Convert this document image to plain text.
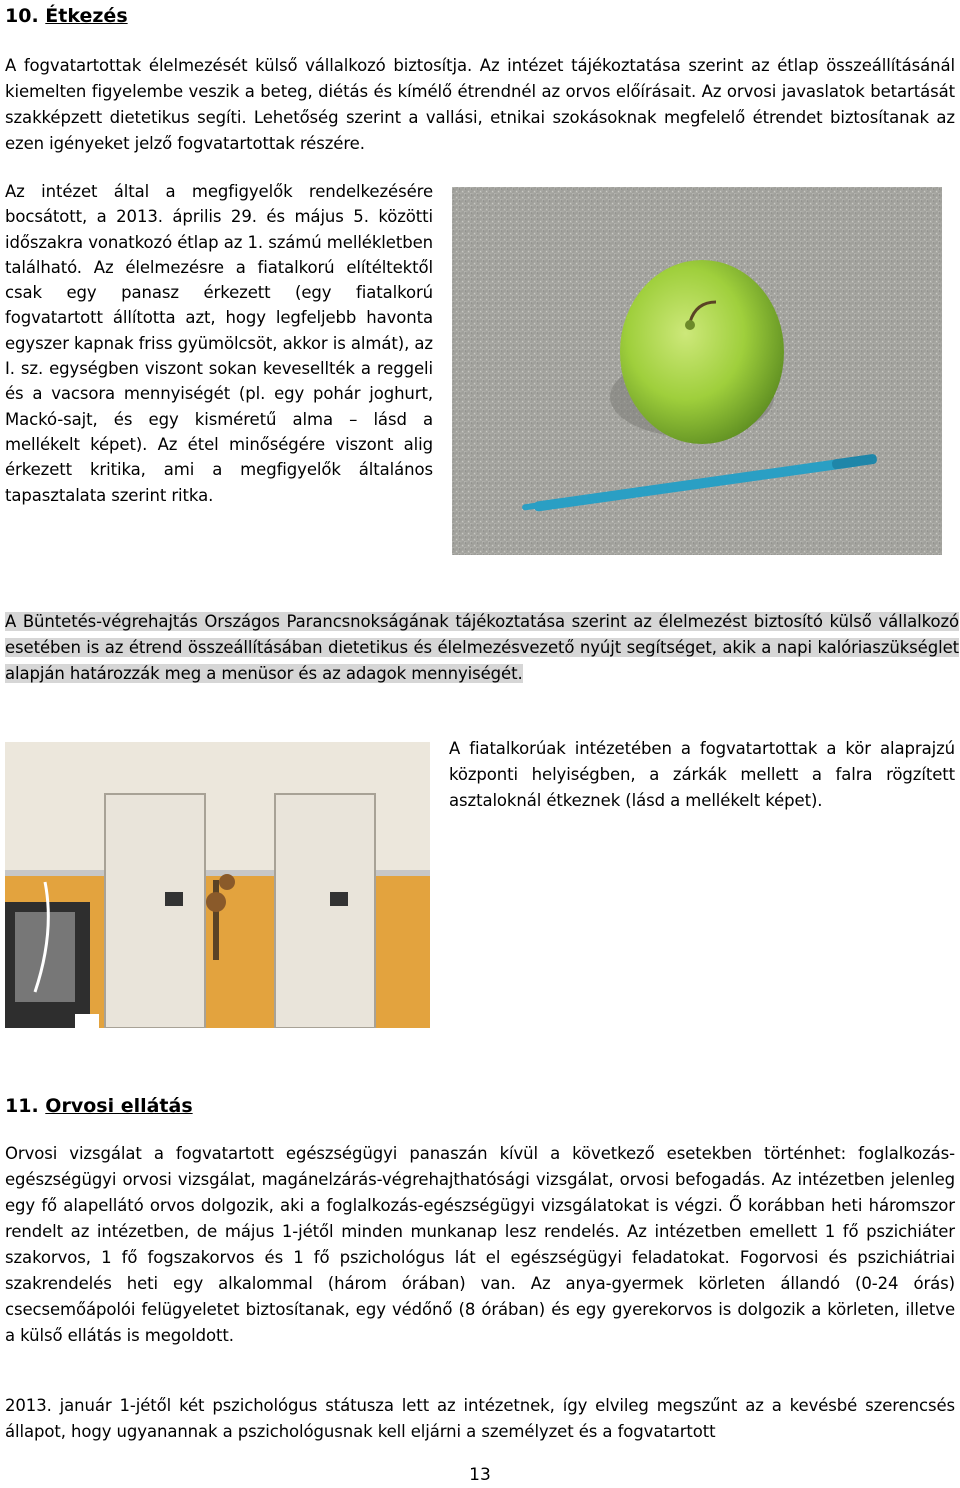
10. Étkezés

A fogvatartottak élelmezését külső vállalkozó biztosítja. Az intézet tájékoztatása szerint az étlap összeállításánál kiemelten figyelembe veszik a beteg, diétás és kímélő étrendnél az orvos előírásait. Az orvosi javaslatok betartását szakképzett dietetikus segíti. Lehetőség szerint a vallási, etnikai szokásoknak megfelelő étrendet biztosítanak az ezen igényeket jelző fogvatartottak részére.

Az intézet által a megfigyelők rendelkezésére bocsátott, a 2013. április 29. és május 5. közötti időszakra vonatkozó étlap az 1. számú mellékletben található. Az élelmezésre a fiatalkorú elítéltektől csak egy panasz érkezett (egy fiatalkorú fogvatartott állította azt, hogy legfeljebb havonta egyszer kapnak friss gyümölcsöt, akkor is almát), az I. sz. egységben viszont sokan kevesellték a reggeli és a vacsora mennyiségét (pl. egy pohár joghurt, Mackó-sajt, és egy kisméretű alma – lásd a mellékelt képet). Az étel minőségére viszont alig érkezett kritika, ami a megfigyelők általános tapasztalata szerint ritka.

A Büntetés-végrehajtás Országos Parancsnokságának tájékoztatása szerint az élelmezést biztosító külső vállalkozó esetében is az étrend összeállításában dietetikus és élelmezésvezető nyújt segítséget, akik a napi kalóriaszükséglet alapján határozzák meg a menüsor és az adagok mennyiségét.

A fiatalkorúak intézetében a fogvatartottak a kör alaprajzú központi helyiségben, a zárkák mellett a falra rögzített asztaloknál étkeznek (lásd a mellékelt képet).

11. Orvosi ellátás

Orvosi vizsgálat a fogvatartott egészségügyi panaszán kívül a következő esetekben történhet: foglalkozás-egészségügyi orvosi vizsgálat, magánelzárás-végrehajthatósági vizsgálat, orvosi befogadás. Az intézetben jelenleg egy fő alapellátó orvos dolgozik, aki a foglalkozás-egészségügyi vizsgálatokat is végzi. Ő korábban heti háromszor rendelt az intézetben, de május 1-jétől minden munkanap lesz rendelés. Az intézetben emellett 1 fő pszichiáter szakorvos, 1 fő fogszakorvos és 1 fő pszichológus lát el egészségügyi feladatokat. Fogorvosi és pszichiátriai szakrendelés heti egy alkalommal (három órában) van. Az anya-gyermek körleten állandó (0-24 órás) csecsemőápolói felügyeletet biztosítanak, egy védőnő (8 órában) és egy gyerekorvos is dolgozik a körleten, illetve a külső ellátás is megoldott.

2013. január 1-jétől két pszichológus státusza lett az intézetnek, így elvileg megszűnt az a kevésbé szerencsés állapot, hogy ugyanannak a pszichológusnak kell eljárni a személyzet és a fogvatartott

13
